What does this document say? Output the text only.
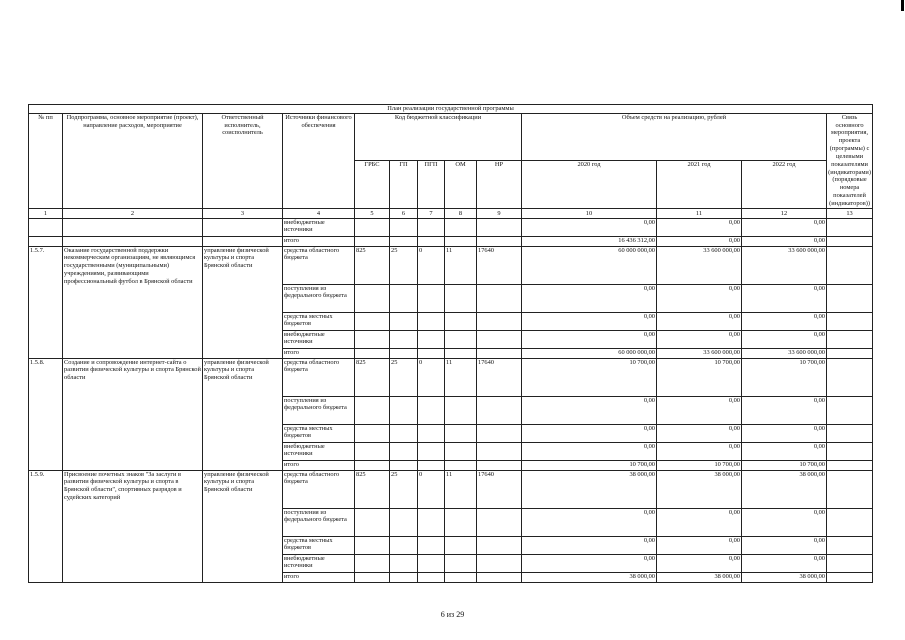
План реализации государственной программы												
№ пп	Подпрограмма, основное мероприятие (проект), направление расходов, мероприятие	Ответственный исполнитель, соисполнитель	Источники финансового обеспечения	Код бюджетной классификации					Объем средств на реализацию, рублей			Связь основного мероприятия, проекта (программы) с целевыми показателями (индикаторами) (порядковые номера показателей (индикаторов))
				ГРБС	ГП	ПГП	ОМ	НР	2020 год	2021 год	2022 год	
1	2	3	4	5	6	7	8	9	10	11	12	13
			внебюджетные источники						0,00	0,00	0,00	
			итого						16 436 312,00	0,00	0,00	
1.5.7.	Оказание государственной поддержки некоммерческим организациям, не являющимся государственными (муниципальными) учреждениями, развивающими профессиональный футбол в Брянской области	управление физической культуры и спорта Брянской области	средства областного бюджета	825	25	0	11	17640	60 000 000,00	33 600 000,00	33 600 000,00	
			поступления из федерального бюджета						0,00	0,00	0,00	
			средства местных бюджетов						0,00	0,00	0,00	
			внебюджетные источники						0,00	0,00	0,00	
			итого						60 000 000,00	33 600 000,00	33 600 000,00	
1.5.8.	Создание и сопровождение интернет-сайта о развитии физической культуры и спорта Брянской области	управление физической культуры и спорта Брянской области	средства областного бюджета	825	25	0	11	17640	10 700,00	10 700,00	10 700,00	
			поступления из федерального бюджета						0,00	0,00	0,00	
			средства местных бюджетов						0,00	0,00	0,00	
			внебюджетные источники						0,00	0,00	0,00	
			итого						10 700,00	10 700,00	10 700,00	
1.5.9.	Присвоение почетных знаков "За заслуги в развитии физической культуры и спорта в Брянской области", спортивных разрядов и судейских категорий	управление физической культуры и спорта Брянской области	средства областного бюджета	825	25	0	11	17640	38 000,00	38 000,00	38 000,00	
			поступления из федерального бюджета						0,00	0,00	0,00	
			средства местных бюджетов						0,00	0,00	0,00	
			внебюджетные источники						0,00	0,00	0,00	
			итого						38 000,00	38 000,00	38 000,00	
6 из 29
